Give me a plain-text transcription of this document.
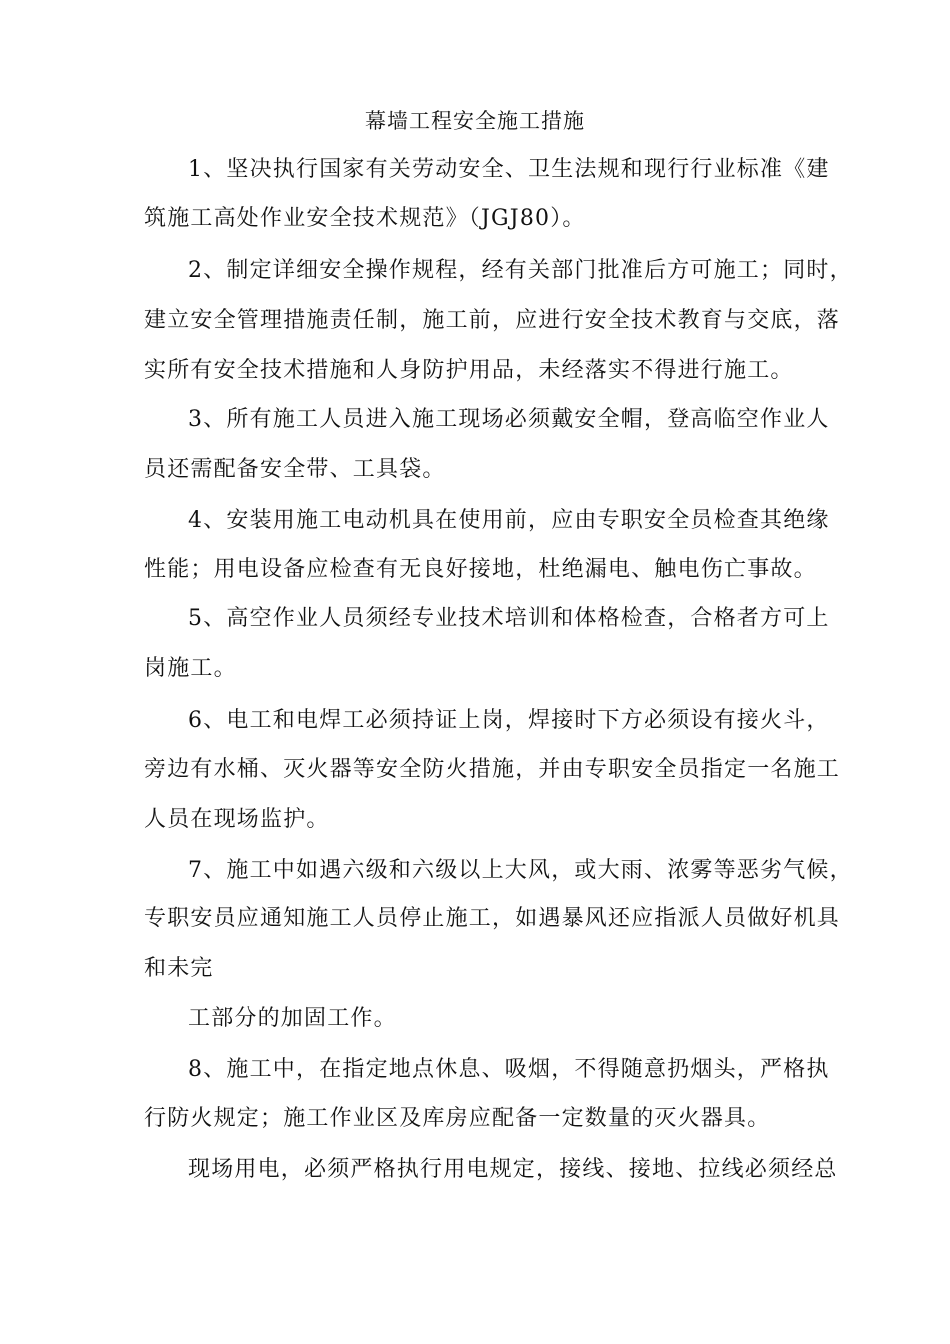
幕墙工程安全施工措施
1、坚决执行国家有关劳动安全、卫生法规和现行行业标准《建
筑施工高处作业安全技术规范》（JGJ80）。
2、制定详细安全操作规程，经有关部门批准后方可施工；同时，
建立安全管理措施责任制，施工前，应进行安全技术教育与交底，落
实所有安全技术措施和人身防护用品，未经落实不得进行施工。
3、所有施工人员进入施工现场必须戴安全帽，登高临空作业人
员还需配备安全带、工具袋。
4、安装用施工电动机具在使用前，应由专职安全员检查其绝缘
性能；用电设备应检查有无良好接地，杜绝漏电、触电伤亡事故。
5、高空作业人员须经专业技术培训和体格检查，合格者方可上
岗施工。
6、电工和电焊工必须持证上岗，焊接时下方必须设有接火斗，
旁边有水桶、灭火器等安全防火措施，并由专职安全员指定一名施工
人员在现场监护。
7、施工中如遇六级和六级以上大风，或大雨、浓雾等恶劣气候，
专职安员应通知施工人员停止施工，如遇暴风还应指派人员做好机具
和未完
工部分的加固工作。
8、施工中，在指定地点休息、吸烟，不得随意扔烟头，严格执
行防火规定；施工作业区及库房应配备一定数量的灭火器具。
现场用电，必须严格执行用电规定，接线、接地、拉线必须经总
